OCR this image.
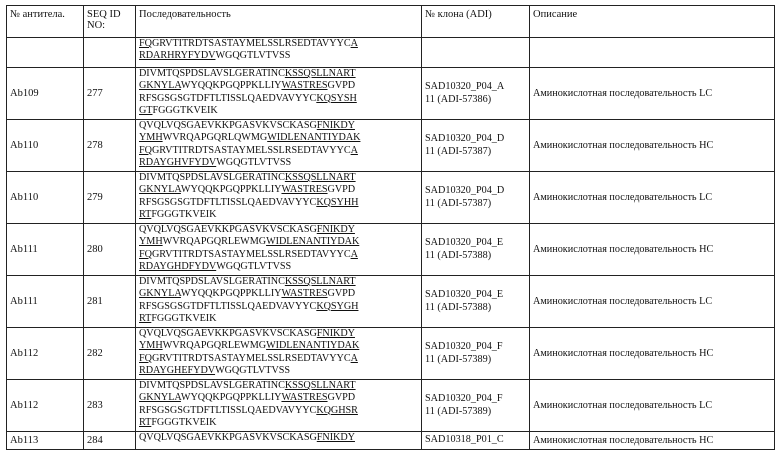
№ антитела.	SEQ ID NO:	Последовательность	№ клона (ADI)	Описание

FQGRVTITRDTSASTAYMELSSLRSEDTAVYYCA
RDARHRYFYDVWGQGTLVTVSS

Ab109	277	
DIVMTQSPDSLAVSLGERATINCKSSQSLLNART
GKNYLAWYQQKPGQPPKLLIYWASTRESGVPD
RFSGSGSGTDFTLTISSLQAEDVAVYYCKQSYSH
GTFGGGTKVEIK

SAD10320_P04_A
11 (ADI-57386)	Аминокислотная последовательность LC
Ab110	278	
QVQLVQSGAEVKKPGASVKVSCKASGFNIKDY
YMHWVRQAPGQRLQWMGWIDLENANTIYDAK
FQGRVTITRDTSASTAYMELSSLRSEDTAVYYCA
RDAYGHVFYDVWGQGTLVTVSS

SAD10320_P04_D
11 (ADI-57387)	Аминокислотная последовательность НС
Ab110	279	
DIVMTQSPDSLAVSLGERATINCKSSQSLLNART
GKNYLAWYQQKPGQPPKLLIYWASTRESGVPD
RFSGSGSGTDFTLTISSLQAEDVAVYYCKQSYHH
RTFGGGTKVEIK

SAD10320_P04_D
11 (ADI-57387)	Аминокислотная последовательность LC
Ab111	280	
QVQLVQSGAEVKKPGASVKVSCKASGFNIKDY
YMHWVRQAPGQRLEWMGWIDLENANTIYDAK
FQGRVTITRDTSASTAYMELSSLRSEDTAVYYCA
RDAYGHDFYDVWGQGTLVTVSS

SAD10320_P04_E
11 (ADI-57388)	Аминокислотная последовательность НС
Ab111	281	
DIVMTQSPDSLAVSLGERATINCKSSQSLLNART
GKNYLAWYQQKPGQPPKLLIYWASTRESGVPD
RFSGSGSGTDFTLTISSLQAEDVAVYYCKQSYGH
RTFGGGTKVEIK

SAD10320_P04_E
11 (ADI-57388)	Аминокислотная последовательность LC
Ab112	282	
QVQLVQSGAEVKKPGASVKVSCKASGFNIKDY
YMHWVRQAPGQRLEWMGWIDLENANTIYDAK
FQGRVTITRDTSASTAYMELSSLRSEDTAVYYCA
RDAYGHEFYDVWGQGTLVTVSS

SAD10320_P04_F
11 (ADI-57389)	Аминокислотная последовательность НС
Ab112	283	
DIVMTQSPDSLAVSLGERATINCKSSQSLLNART
GKNYLAWYQQKPGQPPKLLIYWASTRESGVPD
RFSGSGSGTDFTLTISSLQAEDVAVYYCKQGHSR
RTFGGGTKVEIK

SAD10320_P04_F
11 (ADI-57389)	Аминокислотная последовательность LC
Ab113	284	QVQLVQSGAEVKKPGASVKVSCKASGFNIKDY	SAD10318_P01_C	Аминокислотная последовательность НС
